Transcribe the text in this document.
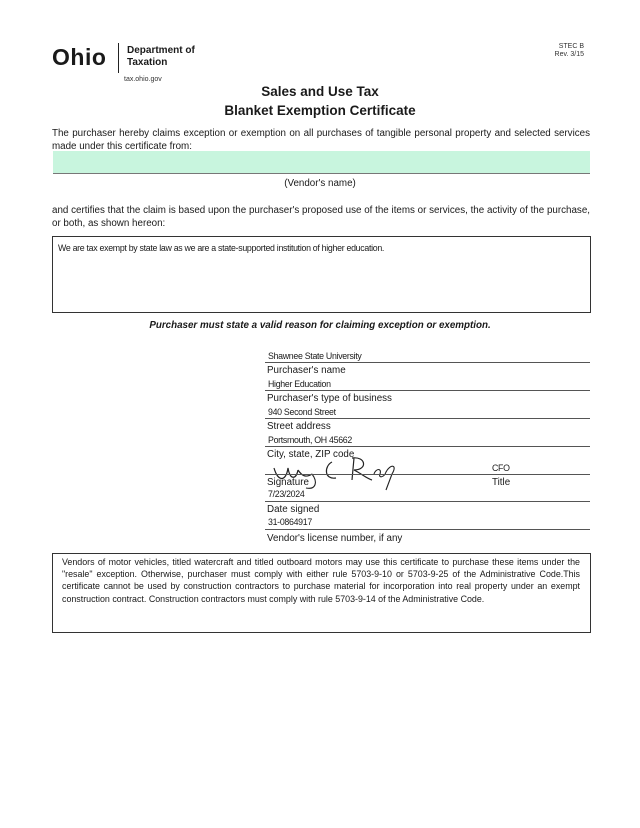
Ohio Department of
Taxation
tax.ohio.gov
STEC B
Rev. 3/15
Sales and Use Tax
Blanket Exemption Certificate
The purchaser hereby claims exception or exemption on all purchases of tangible personal property and selected services made under this certificate from:
(Vendor's name)
and certifies that the claim is based upon the purchaser's proposed use of the items or services, the activity of the purchase, or both, as shown hereon:
We are tax exempt by state law as we are a state-supported institution of higher education.
Purchaser must state a valid reason for claiming exception or exemption.
Shawnee State University
Purchaser's name
Higher Education
Purchaser's type of business
940 Second Street
Street address
Portsmouth, OH 45662
City, state, ZIP code
CFO
Signature	Title
7/23/2024
Date signed
31-0864917
Vendor's license number, if any
Vendors of motor vehicles, titled watercraft and titled outboard motors may use this certificate to purchase these items under the "resale" exception. Otherwise, purchaser must comply with either rule 5703-9-10 or 5703-9-25 of the Administrative Code.This certificate cannot be used by construction contractors to purchase material for incorporation into real property under an exempt construction contract. Construction contractors must comply with rule 5703-9-14 of the Administrative Code.
